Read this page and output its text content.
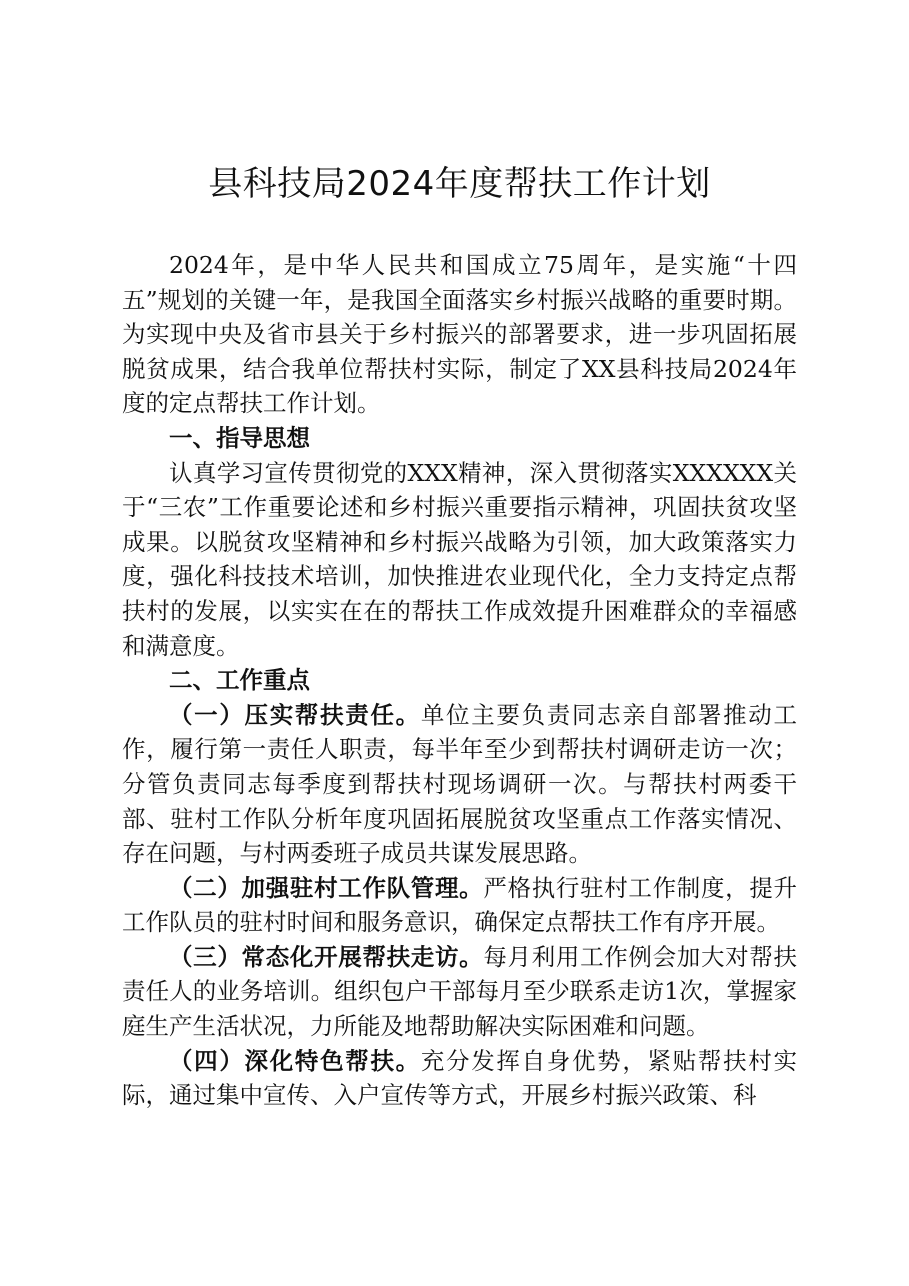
县科技局2024年度帮扶工作计划

2024年，是中华人民共和国成立75周年，是实施“十四五”规划的关键一年，是我国全面落实乡村振兴战略的重要时期。为实现中央及省市县关于乡村振兴的部署要求，进一步巩固拓展脱贫成果，结合我单位帮扶村实际，制定了XX县科技局2024年度的定点帮扶工作计划。

一、指导思想

认真学习宣传贯彻党的XXX精神，深入贯彻落实XXXXXX关于“三农”工作重要论述和乡村振兴重要指示精神，巩固扶贫攻坚成果。以脱贫攻坚精神和乡村振兴战略为引领，加大政策落实力度，强化科技技术培训，加快推进农业现代化，全力支持定点帮扶村的发展，以实实在在的帮扶工作成效提升困难群众的幸福感和满意度。

二、工作重点

（一）压实帮扶责任。单位主要负责同志亲自部署推动工作，履行第一责任人职责，每半年至少到帮扶村调研走访一次；分管负责同志每季度到帮扶村现场调研一次。与帮扶村两委干部、驻村工作队分析年度巩固拓展脱贫攻坚重点工作落实情况、存在问题，与村两委班子成员共谋发展思路。

（二）加强驻村工作队管理。严格执行驻村工作制度，提升工作队员的驻村时间和服务意识，确保定点帮扶工作有序开展。

（三）常态化开展帮扶走访。每月利用工作例会加大对帮扶责任人的业务培训。组织包户干部每月至少联系走访1次，掌握家庭生产生活状况，力所能及地帮助解决实际困难和问题。

（四）深化特色帮扶。充分发挥自身优势，紧贴帮扶村实际，通过集中宣传、入户宣传等方式，开展乡村振兴政策、科
